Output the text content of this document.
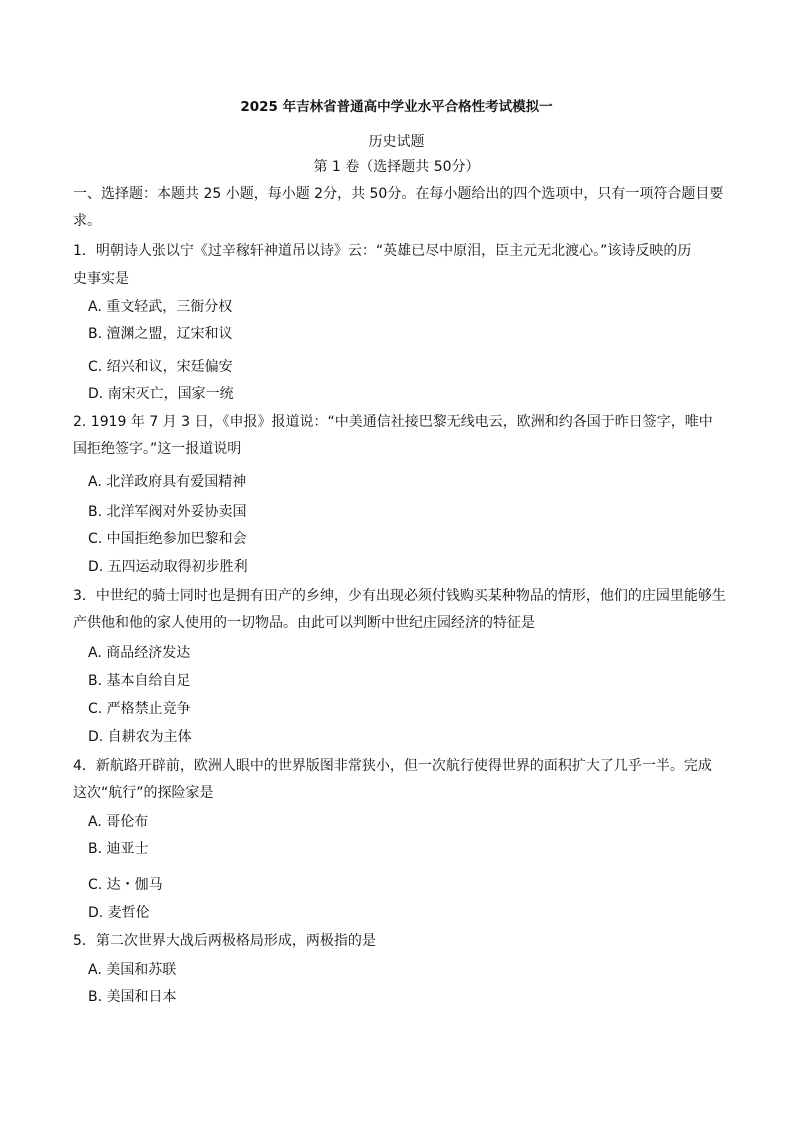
2025 年吉林省普通高中学业水平合格性考试模拟一
历史试题
第 1 卷（选择题共 50分）
一、选择题：本题共 25 小题，每小题 2分，共 50分。在每小题给出的四个选项中，只有一项符合题目要
求。
1．明朝诗人张以宁《过辛稼轩神道吊以诗》云：“英雄已尽中原泪，臣主元无北渡心。”该诗反映的历
史事实是
A. 重文轻武，三衙分权
B. 澶渊之盟，辽宋和议
C. 绍兴和议，宋廷偏安
D. 南宋灭亡，国家一统
2. 1919 年 7 月 3 日，《申报》报道说：“中美通信社接巴黎无线电云，欧洲和约各国于昨日签字，唯中
国拒绝签字。”这一报道说明
A. 北洋政府具有爱国精神
B. 北洋军阀对外妥协卖国
C. 中国拒绝参加巴黎和会
D. 五四运动取得初步胜利
3．中世纪的骑士同时也是拥有田产的乡绅，少有出现必须付钱购买某种物品的情形，他们的庄园里能够生
产供他和他的家人使用的一切物品。由此可以判断中世纪庄园经济的特征是
A. 商品经济发达
B. 基本自给自足
C. 严格禁止竞争
D. 自耕农为主体
4．新航路开辟前，欧洲人眼中的世界版图非常狭小，但一次航行使得世界的面积扩大了几乎一半。完成
这次“航行”的探险家是
A. 哥伦布
B. 迪亚士
C. 达・伽马
D. 麦哲伦
5．第二次世界大战后两极格局形成，两极指的是
A. 美国和苏联
B. 美国和日本
